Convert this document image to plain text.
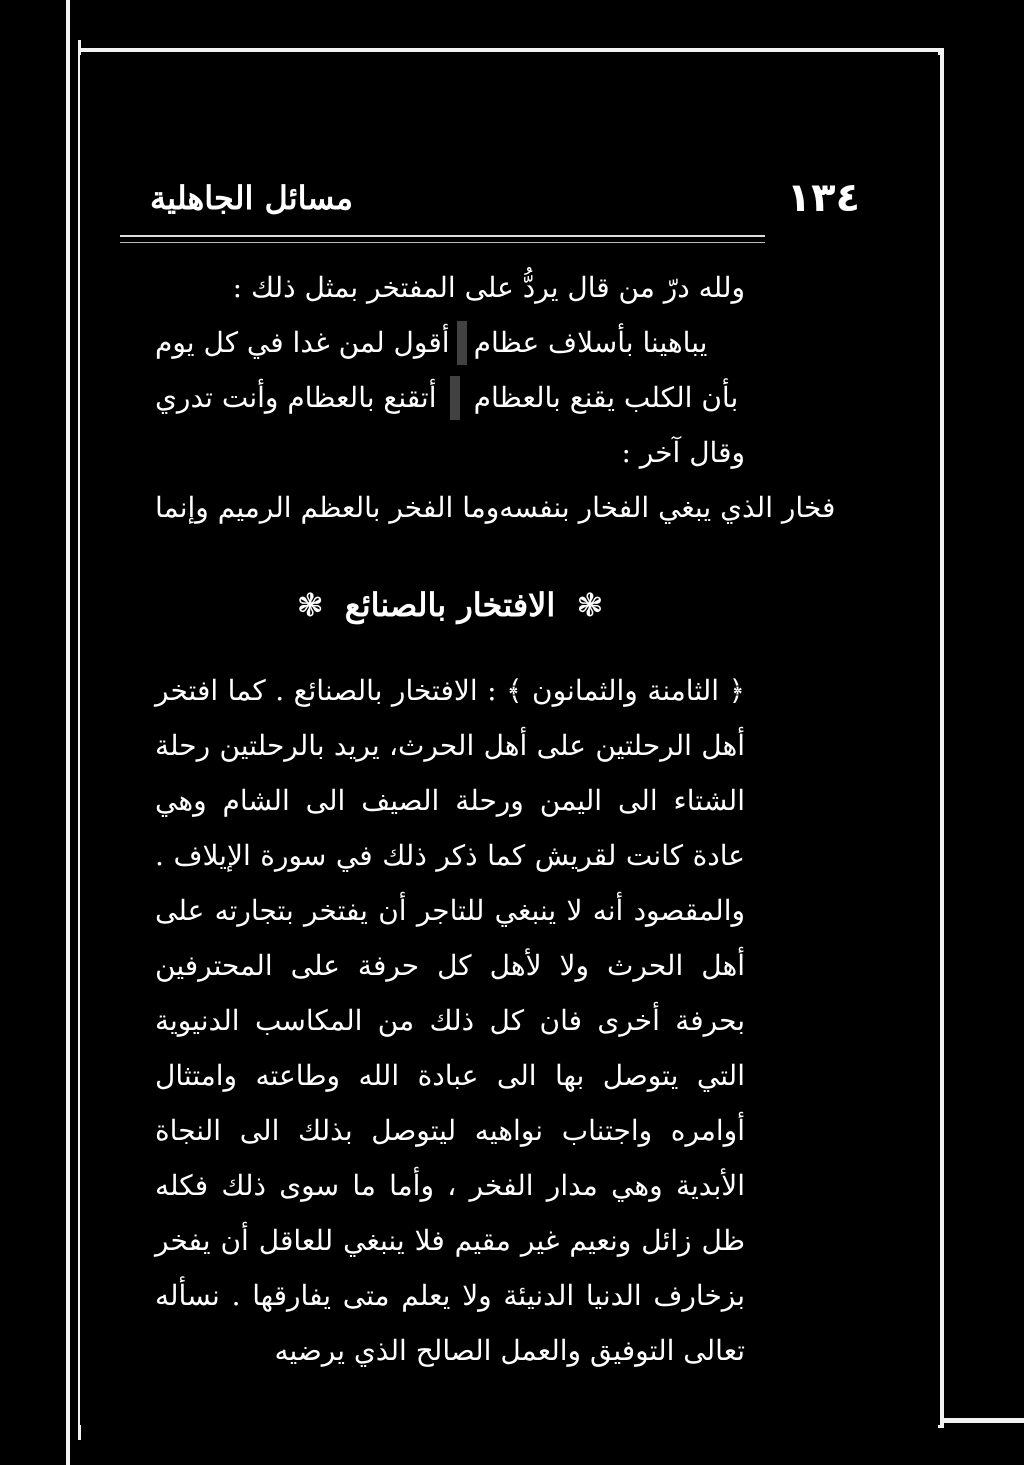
١٣٤
مسائل الجاهلية
ولله درّ من قال يردُّ على المفتخر بمثل ذلك :
أقول لمن غدا في كل يوم يباهينا بأسلاف عظام
أتقنع بالعظام وأنت تدري بأن الكلب يقنع بالعظام
وقال آخر :
وما الفخر بالعظم الرميم وإنما فخار الذي يبغي الفخار بنفسه
❃ الافتخار بالصنائع ❃

﴿ الثامنة والثمانون ﴾ : الافتخار بالصنائع . كما افتخر أهل الرحلتين على أهل الحرث، يريد بالرحلتين رحلة الشتاء الى اليمن ورحلة الصيف الى الشام وهي عادة كانت لقريش كما ذكر ذلك في سورة الإيلاف . والمقصود أنه لا ينبغي للتاجر أن يفتخر بتجارته على أهل الحرث ولا لأهل كل حرفة على المحترفين بحرفة أخرى فان كل ذلك من المكاسب الدنيوية التي يتوصل بها الى عبادة الله وطاعته وامتثال أوامره واجتناب نواهيه ليتوصل بذلك الى النجاة الأبدية وهي مدار الفخر ، وأما ما سوى ذلك فكله ظل زائل ونعيم غير مقيم فلا ينبغي للعاقل أن يفخر بزخارف الدنيا الدنيئة ولا يعلم متى يفارقها . نسأله تعالى التوفيق والعمل الصالح الذي يرضيه
